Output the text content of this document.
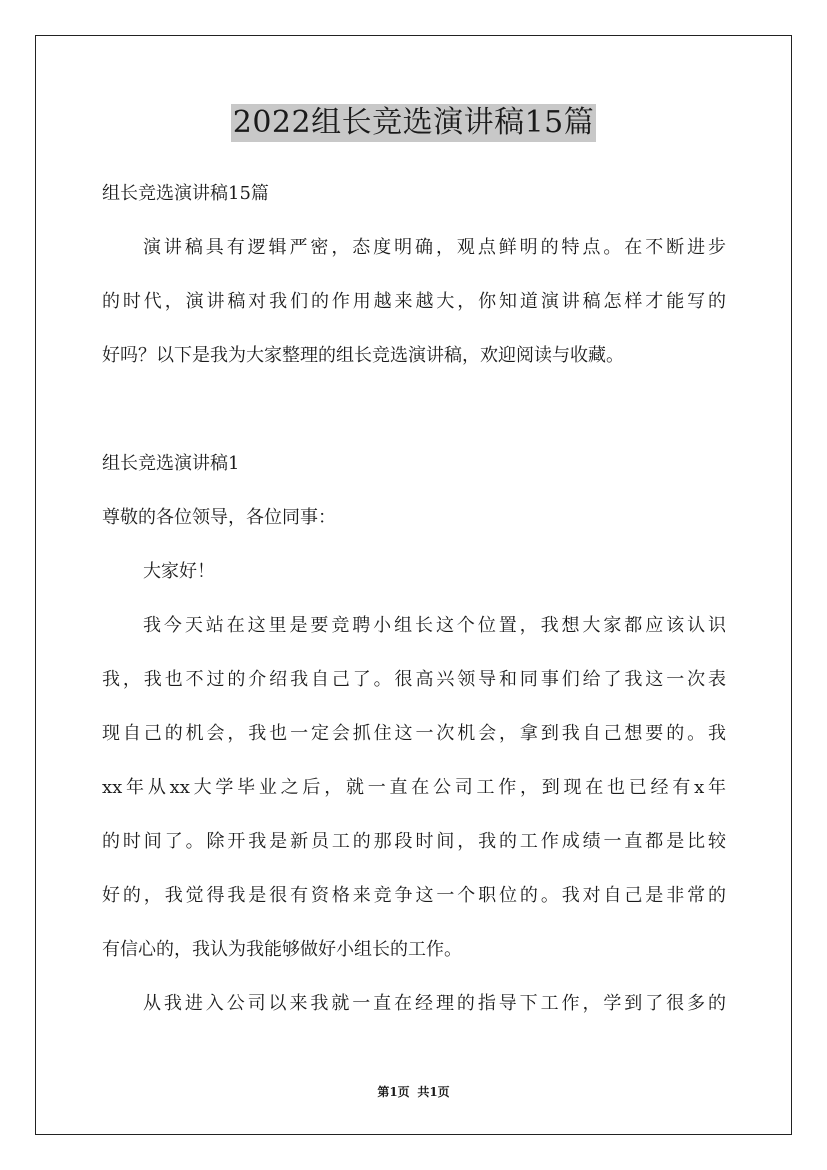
2022组长竞选演讲稿15篇
组长竞选演讲稿15篇
演讲稿具有逻辑严密，态度明确，观点鲜明的特点。在不断进步
的时代，演讲稿对我们的作用越来越大，你知道演讲稿怎样才能写的
好吗？以下是我为大家整理的组长竞选演讲稿，欢迎阅读与收藏。
组长竞选演讲稿1
尊敬的各位领导，各位同事：
大家好！
我今天站在这里是要竞聘小组长这个位置，我想大家都应该认识
我，我也不过的介绍我自己了。很高兴领导和同事们给了我这一次表
现自己的机会，我也一定会抓住这一次机会，拿到我自己想要的。我
xx年从xx大学毕业之后，就一直在公司工作，到现在也已经有x年
的时间了。除开我是新员工的那段时间，我的工作成绩一直都是比较
好的，我觉得我是很有资格来竞争这一个职位的。我对自己是非常的
有信心的，我认为我能够做好小组长的工作。
从我进入公司以来我就一直在经理的指导下工作，学到了很多的
第1页 共1页
